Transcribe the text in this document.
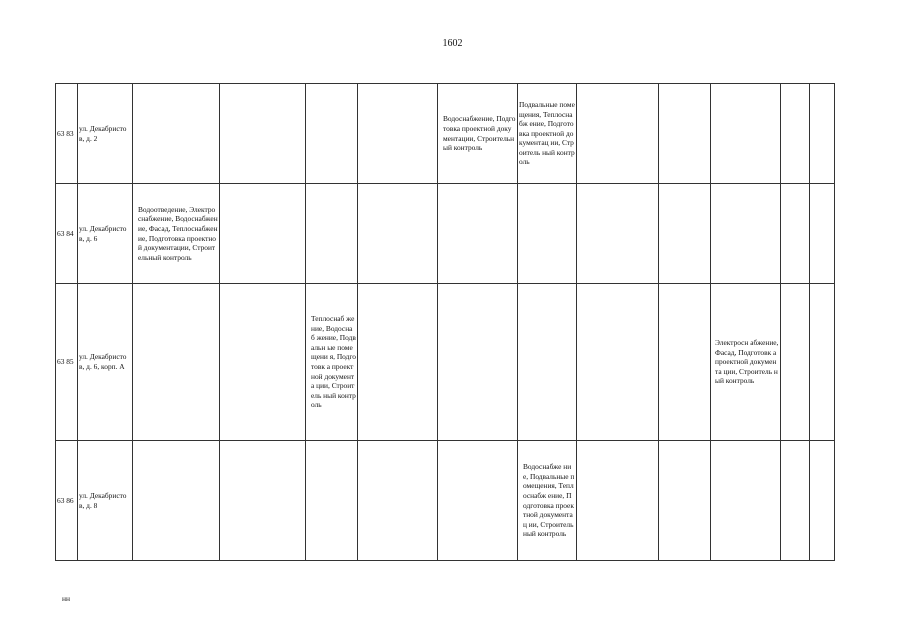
1602
63 83	ул. Декабристо в, д. 2					Водоснабжение, Подготовка проектной документации, Строительный контроль	Подвальные помещения, Теплоснабж ение, Подготовка проектной документац ии, Строитель ный контроль					
63 84	ул. Декабристо в, д. 6	Водоотведение, Электроснабжение, Водоснабжение, Фасад, Теплоснабжение, Подготовка проектной документации, Строительный контроль										
63 85	ул. Декабристо в, д. 6, корп. А			Теплоснаб жение, Водоснаб жение, Подвальн ые помещени я, Подготовк а проектной документа ции, Строитель ный контроль						Электросн абжение, Фасад, Подготовк а проектной документа ции, Строитель ный контроль		
63 86	ул. Декабристо в, д. 8						Водоснабже ние, Подвальные помещения, Теплоснабж ение, Подготовка проектной документац ии, Строитель ный контроль					
нн
